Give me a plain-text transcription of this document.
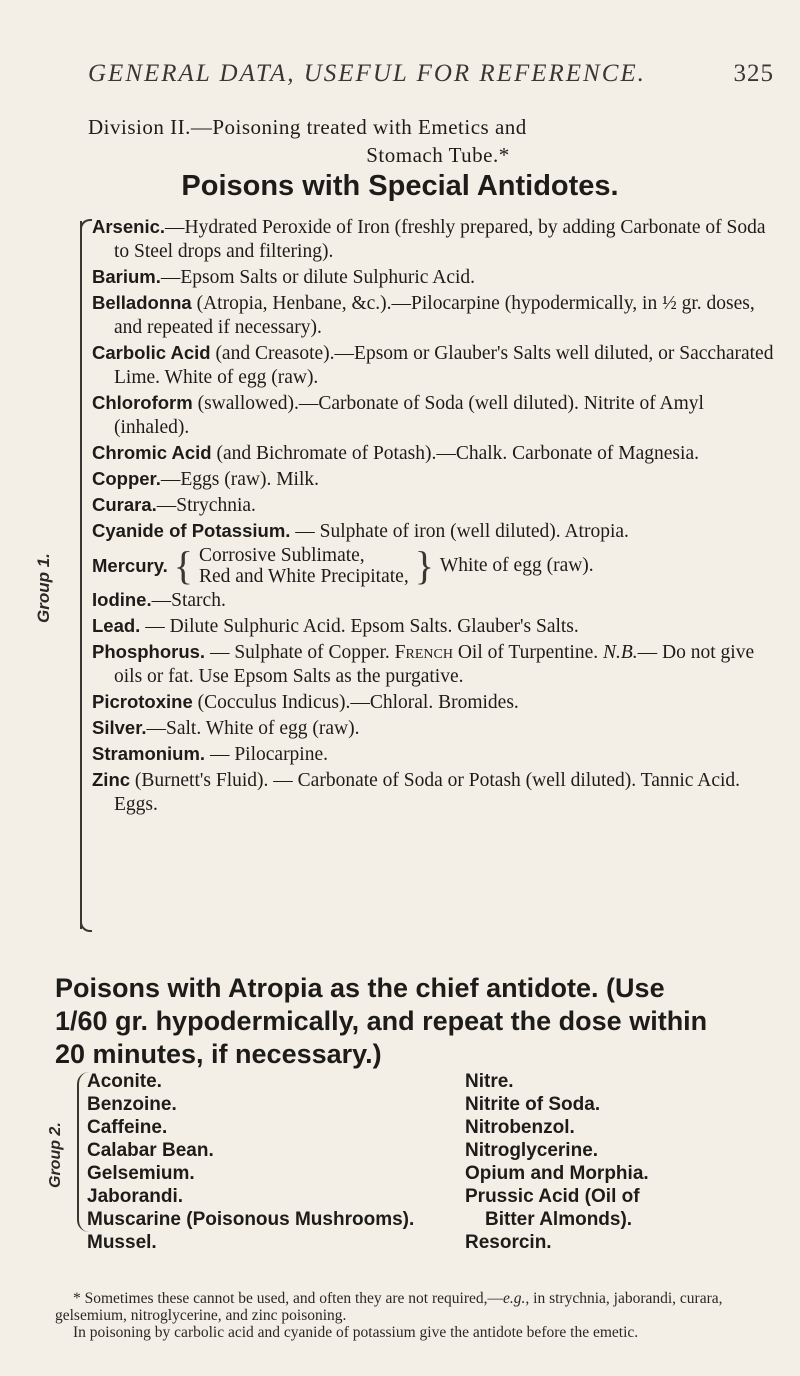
GENERAL DATA, USEFUL FOR REFERENCE.	325
Division II.—Poisoning treated with Emetics and
Stomach Tube.*
Poisons with Special Antidotes.
Group 1.

Arsenic.—Hydrated Peroxide of Iron (freshly prepared, by adding Carbonate of Soda to Steel drops and filtering).

Barium.—Epsom Salts or dilute Sulphuric Acid.

Belladonna (Atropia, Henbane, &c.).—Pilocarpine (hypodermically, in ½ gr. doses, and repeated if necessary).

Carbolic Acid (and Creasote).—Epsom or Glauber's Salts well diluted, or Saccharated Lime. White of egg (raw).

Chloroform (swallowed).—Carbonate of Soda (well diluted). Nitrite of Amyl (inhaled).

Chromic Acid (and Bichromate of Potash).—Chalk. Carbonate of Magnesia.

Copper.—Eggs (raw). Milk.

Curara.—Strychnia.

Cyanide of Potassium. — Sulphate of iron (well diluted). Atropia.

Mercury. { Corrosive Sublimate,
Red and White Precipitate, } White of egg (raw).

Iodine.—Starch.

Lead. — Dilute Sulphuric Acid. Epsom Salts. Glauber's Salts.

Phosphorus. — Sulphate of Copper. French Oil of Turpentine. N.B.— Do not give oils or fat. Use Epsom Salts as the purgative.

Picrotoxine (Cocculus Indicus).—Chloral. Bromides.

Silver.—Salt. White of egg (raw).

Stramonium. — Pilocarpine.

Zinc (Burnett's Fluid). — Carbonate of Soda or Potash (well diluted). Tannic Acid. Eggs.

Poisons with Atropia as the chief antidote. (Use
1/60 gr. hypodermically, and repeat the dose within
20 minutes, if necessary.)
Group 2.
Aconite.
Benzoine.
Caffeine.
Calabar Bean.
Gelsemium.
Jaborandi.
Muscarine (Poisonous Mushrooms).
Mussel.
Nitre.
Nitrite of Soda.
Nitrobenzol.
Nitroglycerine.
Opium and Morphia.
Prussic Acid (Oil of
Bitter Almonds).
Resorcin.

* Sometimes these cannot be used, and often they are not required,—e.g., in strychnia, jaborandi, curara, gelsemium, nitroglycerine, and zinc poisoning.

In poisoning by carbolic acid and cyanide of potassium give the antidote before the emetic.
